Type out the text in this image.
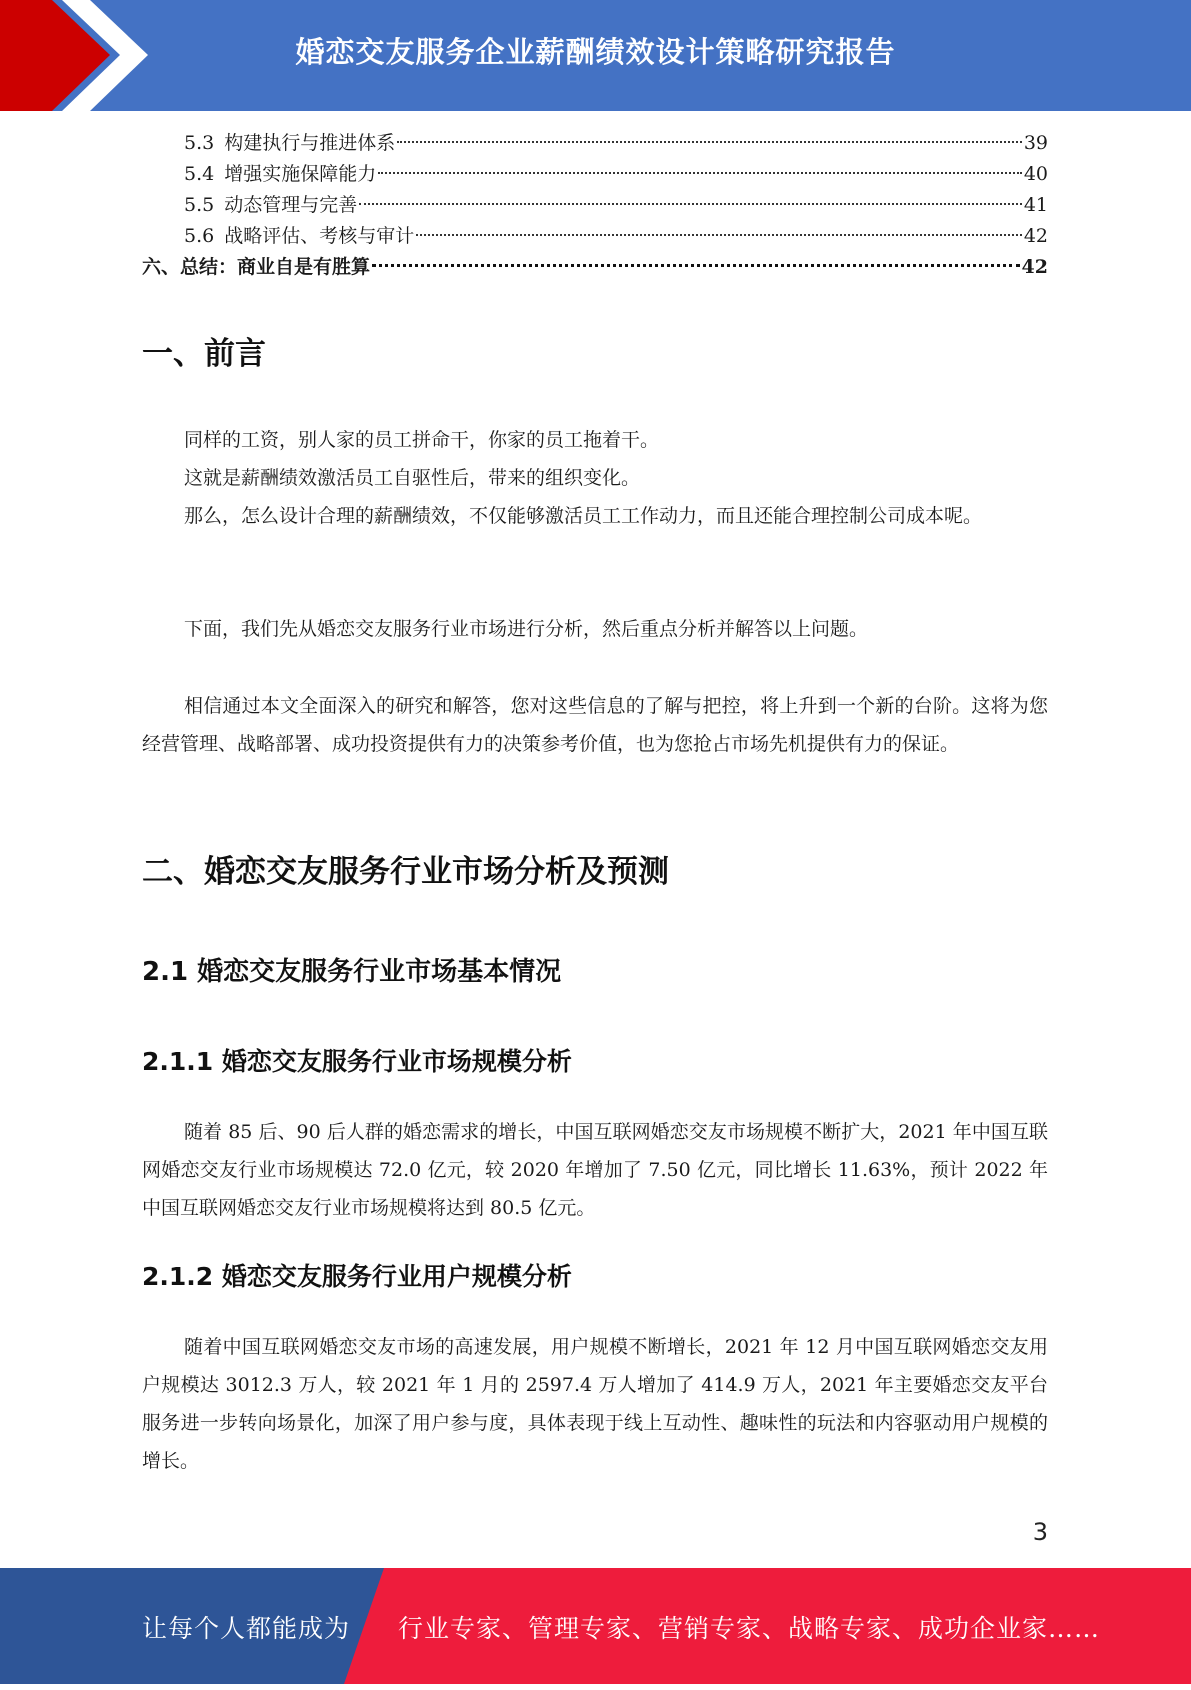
婚恋交友服务企业薪酬绩效设计策略研究报告
5.3 构建执行与推进体系	39
5.4 增强实施保障能力	40
5.5 动态管理与完善	41
5.6 战略评估、考核与审计	42
六、总结：商业自是有胜算	42
一、前言

同样的工资，别人家的员工拼命干，你家的员工拖着干。

这就是薪酬绩效激活员工自驱性后，带来的组织变化。

那么，怎么设计合理的薪酬绩效，不仅能够激活员工工作动力，而且还能合理控制公司成本呢。

下面，我们先从婚恋交友服务行业市场进行分析，然后重点分析并解答以上问题。

相信通过本文全面深入的研究和解答，您对这些信息的了解与把控，将上升到一个新的台阶。这将为您经营管理、战略部署、成功投资提供有力的决策参考价值，也为您抢占市场先机提供有力的保证。

二、婚恋交友服务行业市场分析及预测
2.1 婚恋交友服务行业市场基本情况
2.1.1 婚恋交友服务行业市场规模分析

随着 85 后、90 后人群的婚恋需求的增长，中国互联网婚恋交友市场规模不断扩大，2021 年中国互联网婚恋交友行业市场规模达 72.0 亿元，较 2020 年增加了 7.50 亿元，同比增长 11.63%，预计 2022 年中国互联网婚恋交友行业市场规模将达到 80.5 亿元。

2.1.2 婚恋交友服务行业用户规模分析

随着中国互联网婚恋交友市场的高速发展，用户规模不断增长，2021 年 12 月中国互联网婚恋交友用户规模达 3012.3 万人，较 2021 年 1 月的 2597.4 万人增加了 414.9 万人，2021 年主要婚恋交友平台服务进一步转向场景化，加深了用户参与度，具体表现于线上互动性、趣味性的玩法和内容驱动用户规模的增长。

3
让每个人都能成为 行业专家、管理专家、营销专家、战略专家、成功企业家……
